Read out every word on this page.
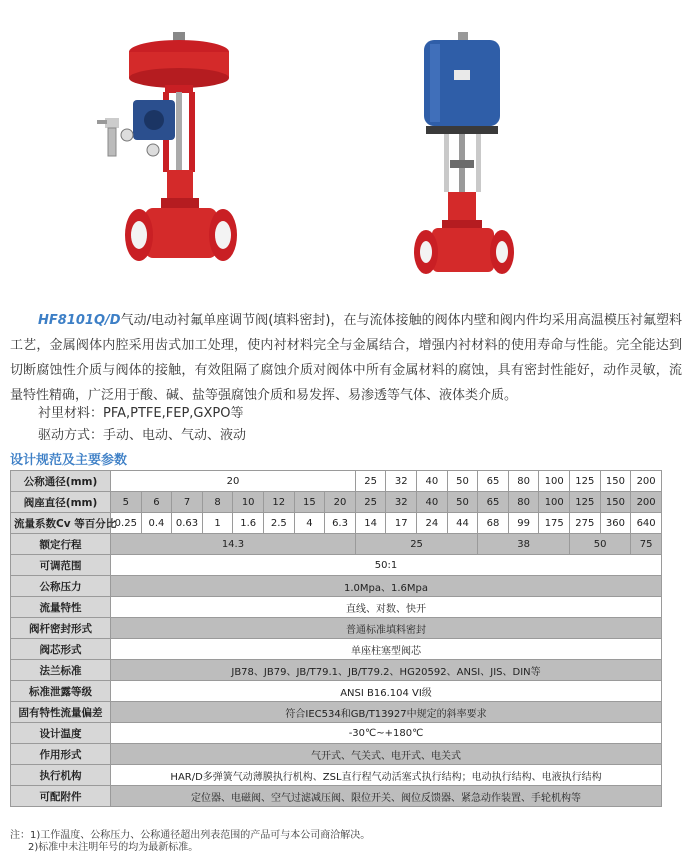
HF8101Q/D气动/电动衬氟单座调节阀(填料密封)，在与流体接触的阀体内壁和阀内件均采用高温模压衬氟塑料工艺，金属阀体内腔采用齿式加工处理，使内衬材料完全与金属结合，增强内衬材料的使用寿命与性能。完全能达到切断腐蚀性介质与阀体的接触，有效阻隔了腐蚀介质对阀体中所有金属材料的腐蚀，具有密封性能好，动作灵敏，流量特性精确，广泛用于酸、碱、盐等强腐蚀介质和易发挥、易渗透等气体、液体类介质。

衬里材料：PFA,PTFE,FEP,GXPO等
驱动方式：手动、电动、气动、液动
设计规范及主要参数
公称通径(mm)	20								25	32	40	50	65	80	100	125	150	200
阀座直径(mm)	5	6	7	8	10	12	15	20	25	32	40	50	65	80	100	125	150	200
流量系数Cv 等百分比	0.25	0.4	0.63	1	1.6	2.5	4	6.3	14	17	24	44	68	99	175	275	360	640
额定行程	14.3								25				38			50		75
可调范围	50:1																	
公称压力	1.0Mpa、1.6Mpa																	
流量特性	直线、对数、快开																	
阀杆密封形式	普通标准填料密封																	
阀芯形式	单座柱塞型阀芯																	
法兰标准	JB78、JB79、JB/T79.1、JB/T79.2、HG20592、ANSI、JIS、DIN等																	
标准泄露等级	ANSI B16.104 VI级																	
固有特性流量偏差	符合IEC534和GB/T13927中规定的斜率要求																	
设计温度	-30℃~+180℃																	
作用形式	气开式、气关式、电开式、电关式																	
执行机构	HAR/D多弹簧气动薄膜执行机构、ZSL直行程气动活塞式执行结构；电动执行结构、电液执行结构																	
可配附件	定位器、电磁阀、空气过滤减压阀、限位开关、阀位反馈器、紧急动作装置、手轮机构等																	
注：1)工作温度、公称压力、公称通径超出列表范围的产品可与本公司商洽解决。
2)标准中未注明年号的均为最新标准。
